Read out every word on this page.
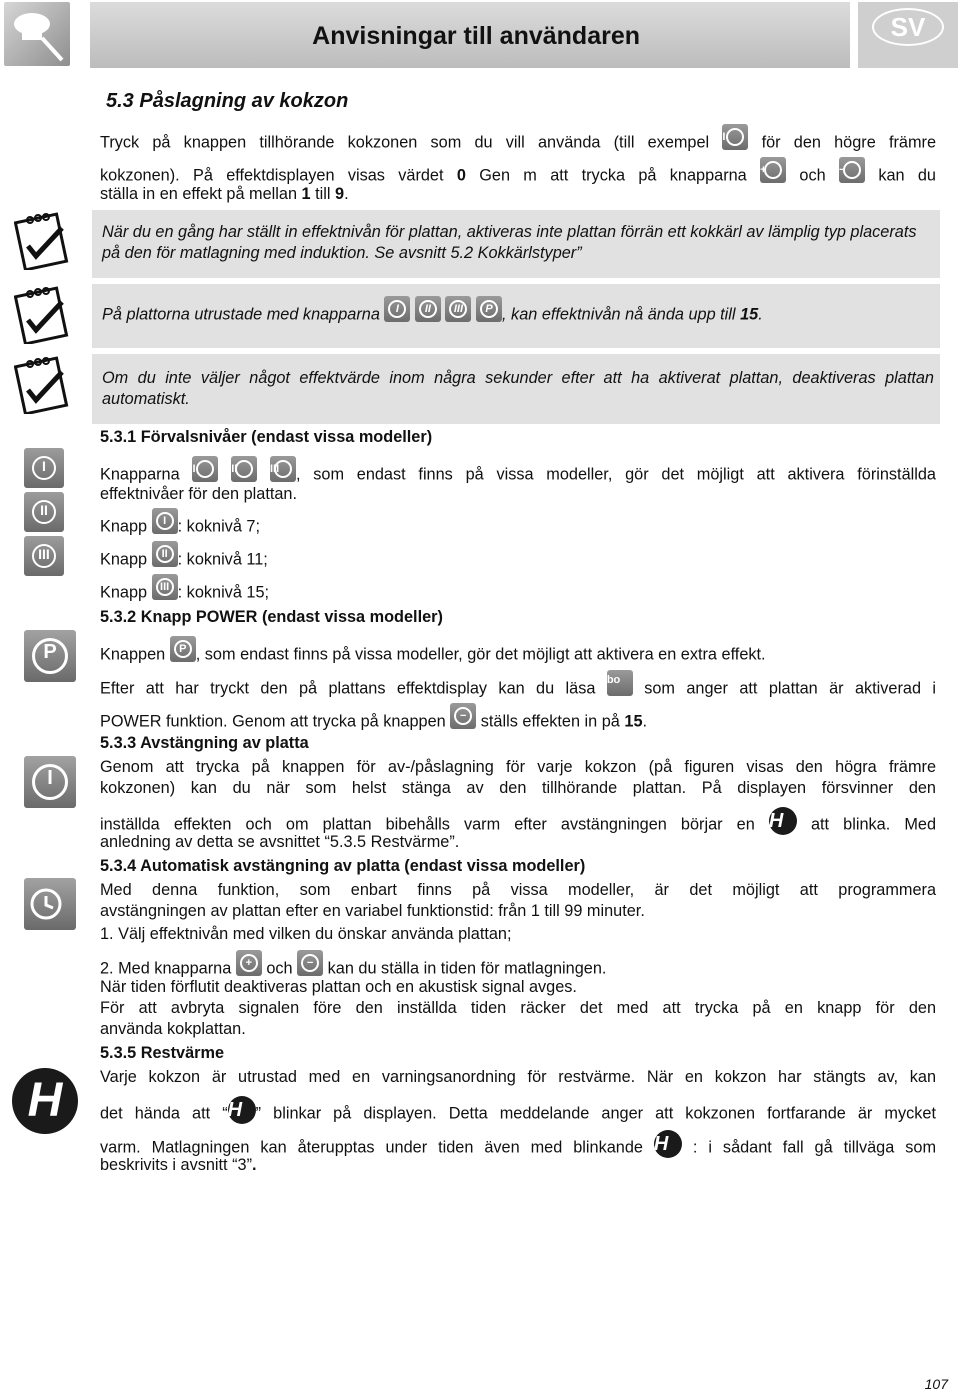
Anvisningar till användaren	SV
5.3 Påslagning av kokzon
Tryck på knappen tillhörande kokzonen som du vill använda (till exempel I	för den högre främre
kokzonen). På effektdisplayen visas värdet 0 Gen m att trycka på knapparna +	och −	kan du
ställa in en effekt på mellan 1 till 9.
När du en gång har ställt in effektnivån för plattan, aktiveras inte plattan förrän ett kokkärl av lämplig typ placerats på den för matlagning med induktion. Se avsnitt 5.2 Kokkärlstyper”
På plattorna utrustade med knapparna	I
	II
	III
	P , kan effektnivån nå ända upp till 15.
Om du inte väljer något effektvärde inom några sekunder efter att ha aktiverat plattan, deaktiveras plattan automatiskt.
I
II
III
P
I
H
5.3.1 Förvalsnivåer (endast vissa modeller)
Knapparna I
	II
	III	, som endast finns på vissa modeller, gör det möjligt att aktivera förinställda
effektnivåer för den plattan.
Knapp	I : koknivå 7;
Knapp	II : koknivå 11;
Knapp	III : koknivå 15;
5.3.2 Knapp POWER (endast vissa modeller)
Knappen	P , som endast finns på vissa modeller, gör det möjligt att aktivera en extra effekt.
Efter att har tryckt den på plattans effektdisplay kan du läsa bo	som anger att plattan är aktiverad i
POWER funktion. Genom att trycka på knappen	− ställs effekten in på 15.
5.3.3 Avstängning av platta
Genom att trycka på knappen för av-/påslagning för varje kokzon (på figuren visas den högra främre
kokzonen) kan du när som helst stänga av den tillhörande plattan. På displayen försvinner den
inställda effekten och om plattan bibehålls varm efter avstängningen börjar en H att blinka. Med
anledning av detta se avsnittet “5.3.5 Restvärme”.
5.3.4 Automatisk avstängning av platta (endast vissa modeller)
Med denna funktion, som enbart finns på vissa modeller, är det möjligt att programmera
avstängningen av plattan efter en variabel funktionstid: från 1 till 99 minuter.
1. Välj effektnivån med vilken du önskar använda plattan;
2. Med knapparna	+ och	− kan du ställa in tiden för matlagningen.
När tiden förflutit deaktiveras plattan och en akustisk signal avges.
För att avbryta signalen före den inställda tiden räcker det med att trycka på en knapp för den
använda kokplattan.
5.3.5 Restvärme
Varje kokzon är utrustad med en varningsanordning för restvärme. När en kokzon har stängts av, kan
det hända att “H ” blinkar på displayen. Detta meddelande anger att kokzonen fortfarande är mycket
varm. Matlagningen kan återupptas under tiden även med blinkande H : i sådant fall gå tillväga som
beskrivits i avsnitt “3”.
107
